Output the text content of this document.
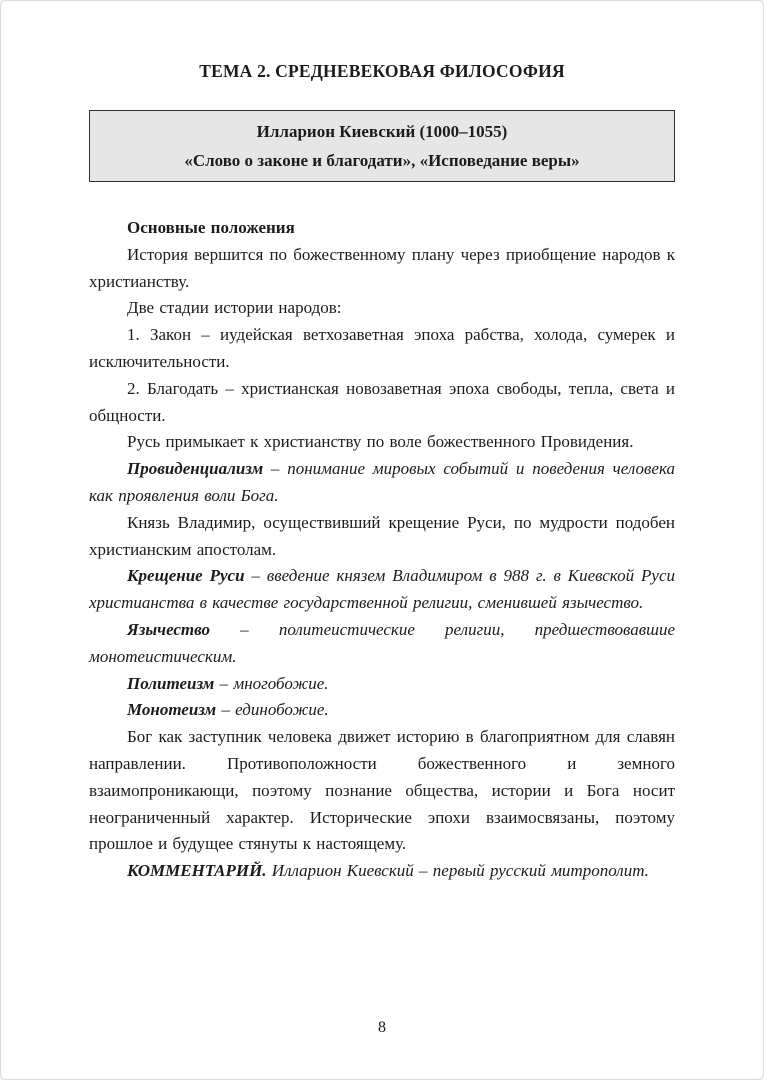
ТЕМА 2. СРЕДНЕВЕКОВАЯ ФИЛОСОФИЯ
Илларион Киевский (1000–1055)
«Слово о законе и благодати», «Исповедание веры»

Основные положения

История вершится по божественному плану через приобщение народов к христианству.

Две стадии истории народов:

1. Закон – иудейская ветхозаветная эпоха рабства, холода, сумерек и исключительности.

2. Благодать – христианская новозаветная эпоха свободы, тепла, света и общности.

Русь примыкает к христианству по воле божественного Провидения.

Провиденциализм – понимание мировых событий и поведения человека как проявления воли Бога.

Князь Владимир, осуществивший крещение Руси, по мудрости подобен христианским апостолам.

Крещение Руси – введение князем Владимиром в 988 г. в Киевской Руси христианства в качестве государственной религии, сменившей язычество.

Язычество – политеистические религии, предшествовавшие монотеистическим.

Политеизм – многобожие.

Монотеизм – единобожие.

Бог как заступник человека движет историю в благоприятном для славян направлении. Противоположности божественного и земного взаимопроникающи, поэтому познание общества, истории и Бога носит неограниченный характер. Исторические эпохи взаимосвязаны, поэтому прошлое и будущее стянуты к настоящему.

КОММЕНТАРИЙ. Илларион Киевский – первый русский митрополит.

8
